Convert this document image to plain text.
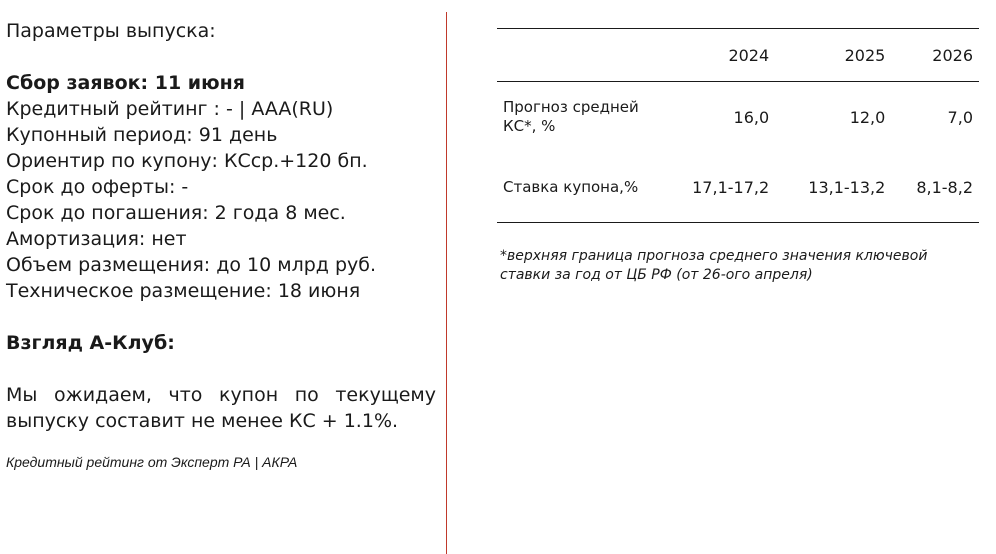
Параметры выпуска:
Сбор заявок: 11 июня
Кредитный рейтинг : - | AAA(RU)
Купонный период: 91 день
Ориентир по купону: КСср.+120 бп.
Срок до оферты: -
Срок до погашения: 2 года 8 мес.
Амортизация: нет
Объем размещения: до 10 млрд руб.
Техническое размещение: 18 июня
Взгляд А-Клуб:
Мы ожидаем, что купон по текущему выпуску составит не менее КС + 1.1%.
Кредитный рейтинг от Эксперт РА | АКРА
	2024	2025	2026
Прогноз средней КС*, %	16,0	12,0	7,0
Ставка купона,%	17,1-17,2	13,1-13,2	8,1-8,2
*верхняя граница прогноза среднего значения ключевой ставки за год от ЦБ РФ (от 26-ого апреля)
